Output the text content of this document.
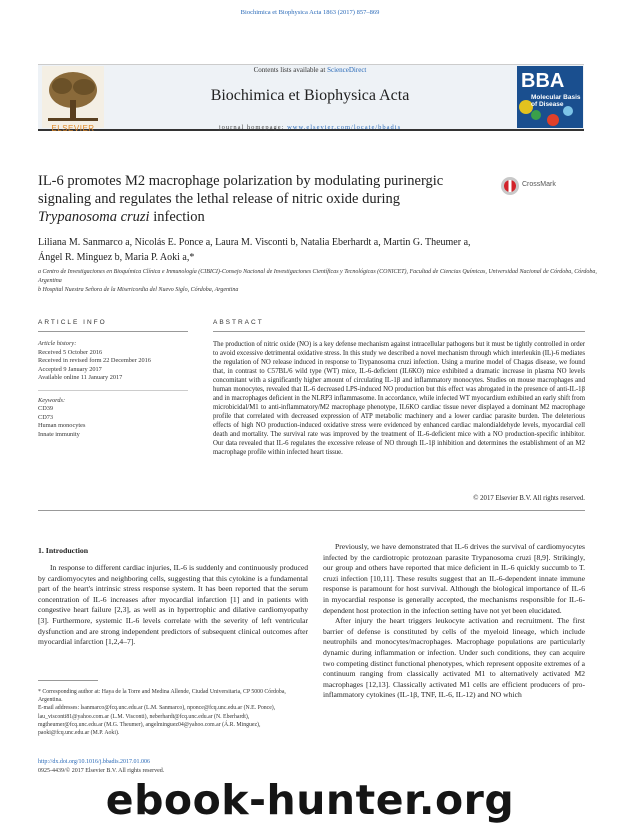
Biochimica et Biophysica Acta 1863 (2017) 857–869
ELSEVIER
Contents lists available at ScienceDirect
Biochimica et Biophysica Acta
journal homepage: www.elsevier.com/locate/bbadis
BBA
Molecular Basis of Disease
IL-6 promotes M2 macrophage polarization by modulating purinergic
signaling and regulates the lethal release of nitric oxide during
Trypanosoma cruzi infection
CrossMark
Liliana M. Sanmarco a, Nicolás E. Ponce a, Laura M. Visconti b, Natalia Eberhardt a, Martin G. Theumer a,
Ángel R. Minguez b, Maria P. Aoki a,*
a Centro de Investigaciones en Bioquímica Clínica e Inmunología (CIBICI)-Consejo Nacional de Investigaciones Científicas y Tecnológicas (CONICET), Facultad de Ciencias Químicas, Universidad Nacional de Córdoba, Córdoba, Argentina
b Hospital Nuestra Señora de la Misericordia del Nuevo Siglo, Córdoba, Argentina
ARTICLE INFO	ABSTRACT
Article history:
Received 5 October 2016
Received in revised form 22 December 2016
Accepted 9 January 2017
Available online 11 January 2017
Keywords:
CD39
CD73
Human monocytes
Innate immunity
The production of nitric oxide (NO) is a key defense mechanism against intracellular pathogens but it must be tightly controlled in order to avoid excessive detrimental oxidative stress. In this study we described a novel mechanism through which interleukin (IL)-6 mediates the regulation of NO release induced in response to Trypanosoma cruzi infection. Using a murine model of Chagas disease, we found that, in contrast to C57BL/6 wild type (WT) mice, IL-6-deficient (IL6KO) mice exhibited a dramatic increase in plasma NO levels concomitant with a significantly higher amount of circulating IL-1β and inflammatory monocytes. Studies on mouse macrophages and human monocytes, revealed that IL-6 decreased LPS-induced NO production but this effect was abrogated in the presence of anti-IL-1β and in macrophages deficient in the NLRP3 inflammasome. In accordance, while infected WT myocardium exhibited an early shift from microbicidal/M1 to anti-inflammatory/M2 macrophage phenotype, IL6KO cardiac tissue never displayed a dominant M2 macrophage profile that correlated with decreased expression of ATP metabolic machinery and a lower cardiac parasite burden. The deleterious effects of high NO production-induced oxidative stress were evidenced by enhanced cardiac malondialdehyde levels, myocardial cell death and mortality. The survival rate was improved by the treatment of IL-6-deficient mice with a NO production-specific inhibitor. Our data revealed that IL-6 regulates the excessive release of NO through IL-1β inhibition and determines the establishment of an M2 macrophage profile within infected heart tissue.
© 2017 Elsevier B.V. All rights reserved.
1. Introduction
In response to different cardiac injuries, IL-6 is suddenly and continuously produced by cardiomyocytes and neighboring cells, suggesting that this cytokine is a fundamental part of the heart's intrinsic stress response system. It has been reported that the serum concentration of IL-6 increases after myocardial infarction [1] and in patients with congestive heart failure [2,3], as well as in hypertrophic and dilative cardiomyopathy [3]. Furthermore, systemic IL-6 levels correlate with the severity of left ventricular dysfunction and are strong independent predictors of subsequent clinical outcomes after myocardial infarction [1,2,4–7].
Previously, we have demonstrated that IL-6 drives the survival of cardiomyocytes infected by the cardiotropic protozoan parasite Trypanosoma cruzi [8,9]. Strikingly, our group and others have reported that mice deficient in IL-6 quickly succumb to T. cruzi infection [10,11]. These results suggest that an IL-6-dependent innate immune response is paramount for host survival. Although the biological importance of IL-6 in myocardial response is generally accepted, the mechanisms responsible for IL-6-dependent host protection in the infection setting have not yet been elucidated.
After injury the heart triggers leukocyte activation and recruitment. The first barrier of defense is constituted by cells of the myeloid lineage, which include neutrophils and monocytes/macrophages. Macrophage populations are particularly dynamic during inflammation or infection. Under such conditions, they can acquire two competing distinct functional phenotypes, which represent opposite extremes of a continuum ranging from classically activated M1 to alternatively activated M2 macrophages [12,13]. Classically activated M1 cells are efficient producers of pro-inflammatory cytokines (IL-1β, TNF, IL-6, IL-12) and NO which
* Corresponding author at: Haya de la Torre and Medina Allende, Ciudad Universitaria, CP 5000 Córdoba, Argentina.
E-mail addresses: lsanmarco@fcq.unc.edu.ar (L.M. Sanmarco), nponce@fcq.unc.edu.ar (N.E. Ponce), lau_visconti81@yahoo.com.ar (L.M. Visconti), neberhardt@fcq.unc.edu.ar (N. Eberhardt), mgtheumer@fcq.unc.edu.ar (M.G. Theumer), angelminguez04@yahoo.com.ar (Á.R. Minguez), paoki@fcq.unc.edu.ar (M.P. Aoki).
http://dx.doi.org/10.1016/j.bbadis.2017.01.006
0925-4439/© 2017 Elsevier B.V. All rights reserved.
ebook-hunter.org
